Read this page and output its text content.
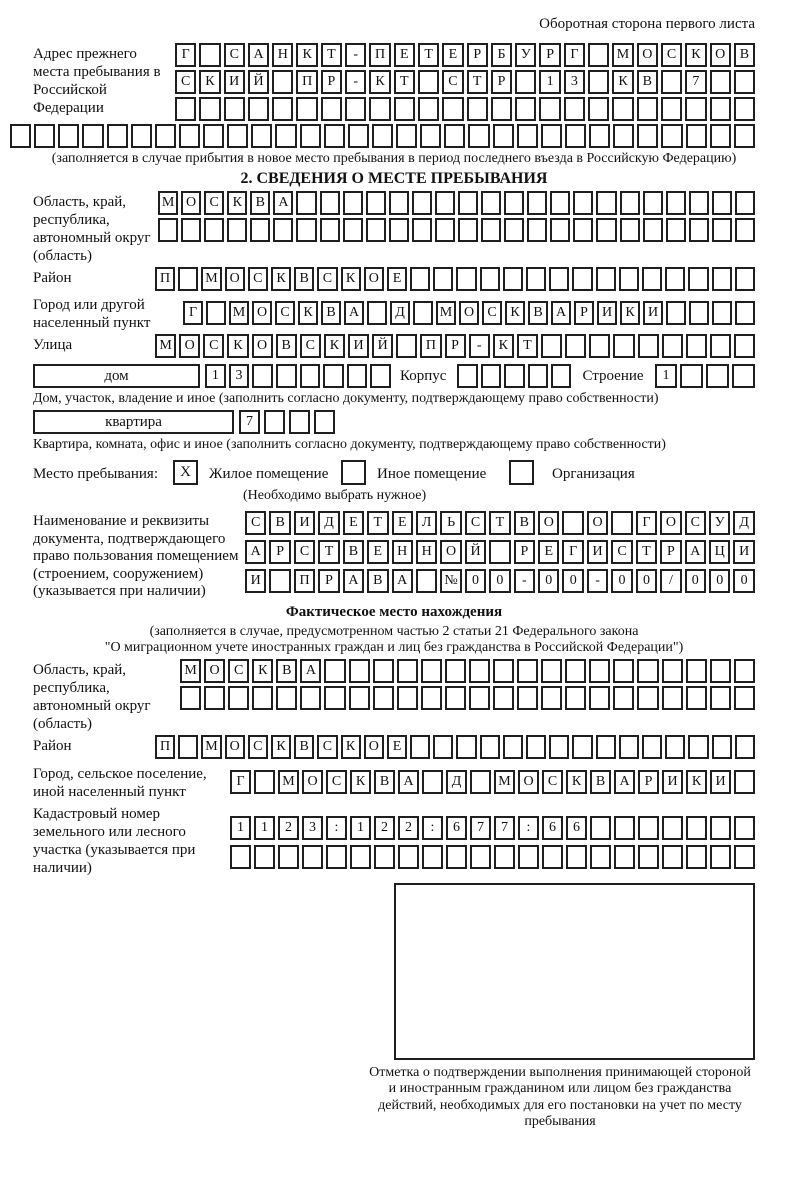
Оборотная сторона первого листа
Адрес прежнего места пребывания в Российской Федерации
Г	С	А	Н	К	Т	-	П	Е	Т	Е	Р	Б	У	Р	Г	М О	С	К	О	В
С	К	И	Й	П	Р	-	К	Т	С	Т	Р	1	3	К	В	7
(заполняется в случае прибытия в новое место пребывания в период последнего въезда в Российскую Федерацию)
2. СВЕДЕНИЯ О МЕСТЕ ПРЕБЫВАНИЯ
Область, край, республика, автономный округ (область)
М О С К В А
Район	П	М О С К В С К О Е
Город или другой населенный пункт
Г	М О С К В А	Д	М О С К В А	Р	И К И
Улица	М О	С	К	О	В	С	К	И	Й	П	Р	-	К	Т
дом	1	3	Корпус	Строение	1
Дом, участок, владение и иное (заполнить согласно документу, подтверждающему право собственности)
квартира	7
Квартира, комната, офис и иное (заполнить согласно документу, подтверждающему право собственности)
Место пребывания:	X	Жилое помещение	Иное помещение	Организация
(Необходимо выбрать нужное)
Наименование и реквизиты документа, подтверждающего право пользования помещением (строением, сооружением) (указывается при наличии)
С	В	И	Д	Е	Т	Е	Л	Ь	С	Т	В	О	О	Г	О	С	У	Д
А	Р	С	Т	В	Е	Н	Н	О	Й	Р	Е	Г	И	С	Т	Р	А	Ц	И
И	П	Р	А	В	А	№	0	0	-	0	0	-	0	0	/	0	0	0
Фактическое место нахождения
(заполняется в случае, предусмотренном частью 2 статьи 21 Федерального закона
"О миграционном учете иностранных граждан и лиц без гражданства в Российской Федерации")
Область, край, республика, автономный округ (область)
М О	С	К	В	А
Район	П	М О С К В С К О Е
Город, сельское поселение, иной населенный пункт
Г	М О	С	К	В	А	Д	М О	С	К	В	А	Р	И	К	И
Кадастровый номер земельного или лесного участка (указывается при наличии)
1	1	2	3	:	1	2	2	:	6	7	7	:	6	6
Отметка о подтверждении выполнения принимающей стороной и иностранным гражданином или лицом без гражданства действий, необходимых для его постановки на учет по месту пребывания
